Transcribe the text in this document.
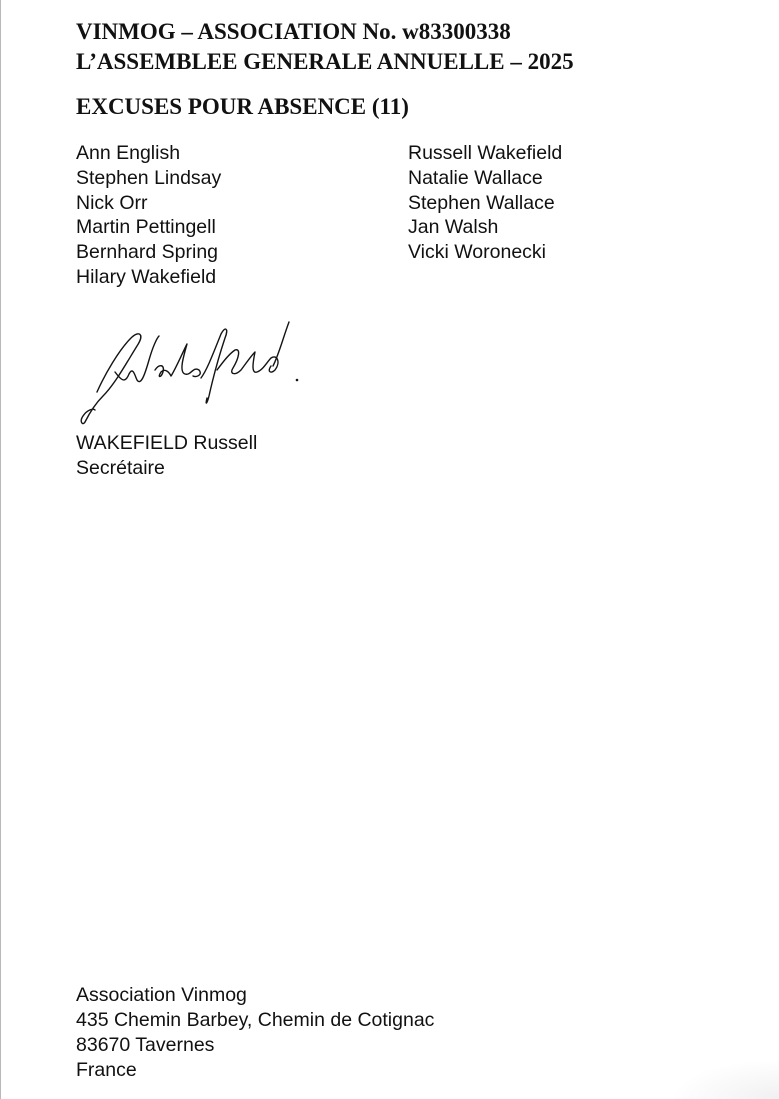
VINMOG – ASSOCIATION No. w83300338
L’ASSEMBLEE GENERALE ANNUELLE – 2025
EXCUSES POUR ABSENCE (11)
Ann English
Stephen Lindsay
Nick Orr
Martin Pettingell
Bernhard Spring
Hilary Wakefield
Russell Wakefield
Natalie Wallace
Stephen Wallace
Jan Walsh
Vicki Woronecki
WAKEFIELD Russell
Secrétaire
Association Vinmog
435 Chemin Barbey, Chemin de Cotignac
83670 Tavernes
France
